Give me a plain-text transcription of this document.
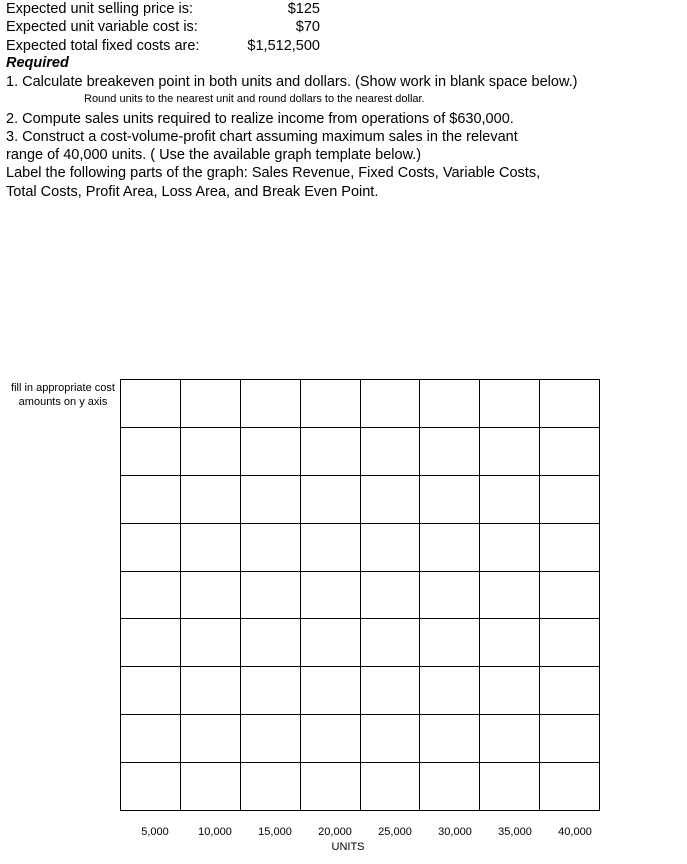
Expected unit selling price is:	$125
Expected unit variable cost is:	$70
Expected total fixed costs are:	$1,512,500
Required
1. Calculate breakeven point in both units and dollars. (Show work in blank space below.)
Round units to the nearest unit and round dollars to the nearest dollar.
2. Compute sales units required to realize income from operations of $630,000.
3. Construct a cost-volume-profit chart assuming maximum sales in the relevant
range of 40,000 units. ( Use the available graph template below.)
Label the following parts of the graph: Sales Revenue, Fixed Costs, Variable Costs,
Total Costs, Profit Area, Loss Area, and Break Even Point.
fill in appropriate cost amounts on y axis
5,000	10,000	15,000	20,000	25,000	30,000	35,000	40,000
UNITS
